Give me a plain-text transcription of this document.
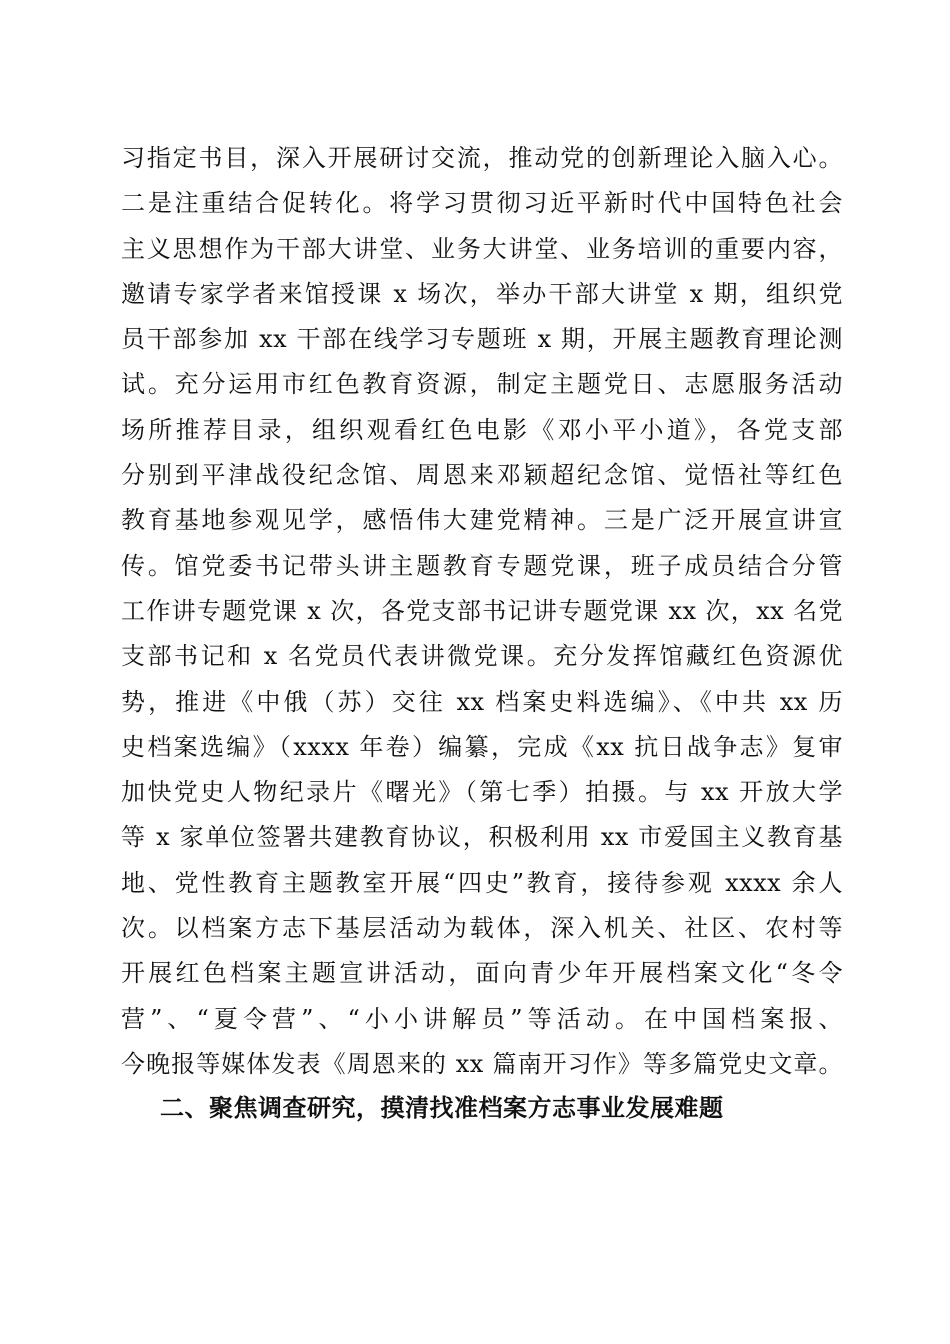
习指定书目，深入开展研讨交流，推动党的创新理论入脑入心。
二是注重结合促转化。将学习贯彻习近平新时代中国特色社会
主义思想作为干部大讲堂、业务大讲堂、业务培训的重要内容，
邀请专家学者来馆授课 x 场次，举办干部大讲堂 x 期，组织党
员干部参加 xx 干部在线学习专题班 x 期，开展主题教育理论测
试。充分运用市红色教育资源，制定主题党日、志愿服务活动
场所推荐目录，组织观看红色电影《邓小平小道》，各党支部
分别到平津战役纪念馆、周恩来邓颖超纪念馆、觉悟社等红色
教育基地参观见学，感悟伟大建党精神。三是广泛开展宣讲宣
传。馆党委书记带头讲主题教育专题党课，班子成员结合分管
工作讲专题党课 x 次，各党支部书记讲专题党课 xx 次，xx 名党
支部书记和 x 名党员代表讲微党课。充分发挥馆藏红色资源优
势，推进《中俄（苏）交往 xx 档案史料选编》、《中共 xx 历
史档案选编》（xxxx 年卷）编纂，完成《xx 抗日战争志》复审
加快党史人物纪录片《曙光》（第七季）拍摄。与 xx 开放大学
等 x 家单位签署共建教育协议，积极利用 xx 市爱国主义教育基
地、党性教育主题教室开展“四史”教育，接待参观 xxxx 余人
次。以档案方志下基层活动为载体，深入机关、社区、农村等
开展红色档案主题宣讲活动，面向青少年开展档案文化“冬令
营”、“夏令营”、“小小讲解员”等活动。在中国档案报、
今晚报等媒体发表《周恩来的 xx 篇南开习作》等多篇党史文章。
二、聚焦调查研究，摸清找准档案方志事业发展难题
